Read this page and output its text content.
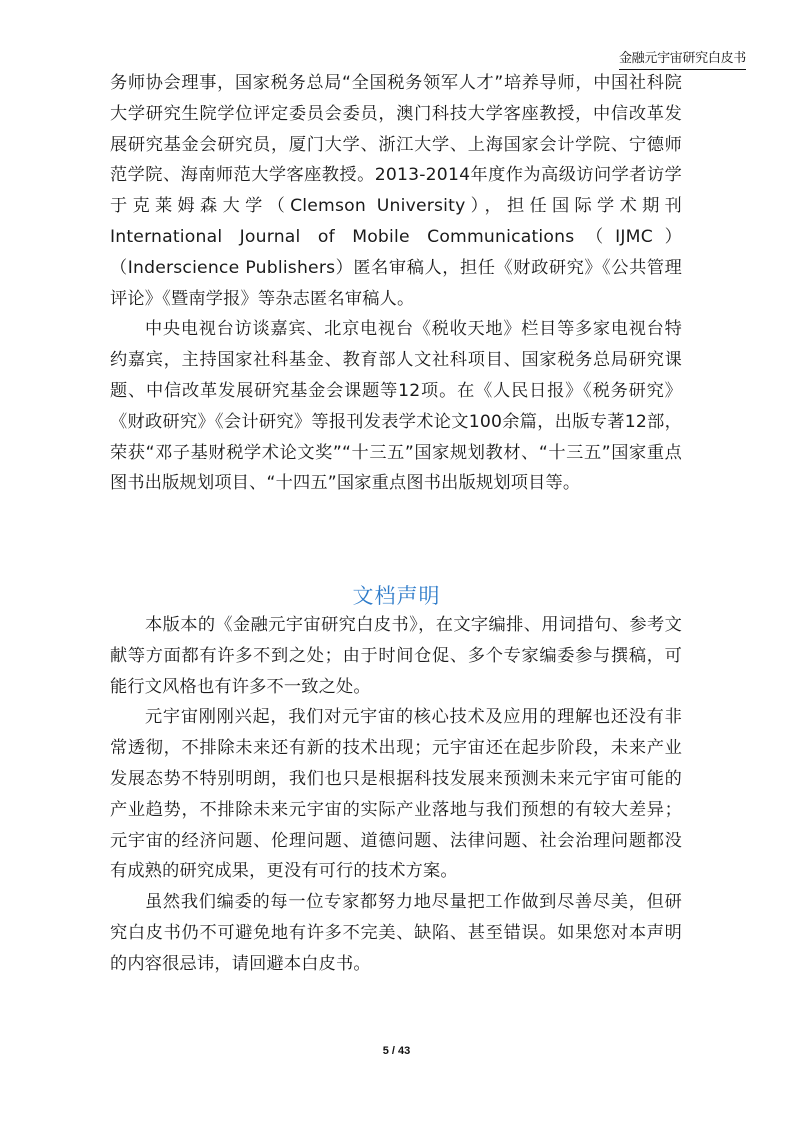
金融元宇宙研究白皮书

务师协会理事，国家税务总局“全国税务领军人才”培养导师，中国社科院大学研究生院学位评定委员会委员，澳门科技大学客座教授，中信改革发展研究基金会研究员，厦门大学、浙江大学、上海国家会计学院、宁德师范学院、海南师范大学客座教授。2013-2014年度作为高级访问学者访学于克莱姆森大学（Clemson University），担任国际学术期刊International Journal of Mobile Communications（IJMC）（Inderscience Publishers）匿名审稿人，担任《财政研究》《公共管理评论》《暨南学报》等杂志匿名审稿人。

中央电视台访谈嘉宾、北京电视台《税收天地》栏目等多家电视台特约嘉宾，主持国家社科基金、教育部人文社科项目、国家税务总局研究课题、中信改革发展研究基金会课题等12项。在《人民日报》《税务研究》《财政研究》《会计研究》等报刊发表学术论文100余篇，出版专著12部，荣获“邓子基财税学术论文奖”“十三五”国家规划教材、“十三五”国家重点图书出版规划项目、“十四五”国家重点图书出版规划项目等。

文档声明

本版本的《金融元宇宙研究白皮书》，在文字编排、用词措句、参考文献等方面都有许多不到之处；由于时间仓促、多个专家编委参与撰稿，可能行文风格也有许多不一致之处。

元宇宙刚刚兴起，我们对元宇宙的核心技术及应用的理解也还没有非常透彻，不排除未来还有新的技术出现；元宇宙还在起步阶段，未来产业发展态势不特别明朗，我们也只是根据科技发展来预测未来元宇宙可能的产业趋势，不排除未来元宇宙的实际产业落地与我们预想的有较大差异；元宇宙的经济问题、伦理问题、道德问题、法律问题、社会治理问题都没有成熟的研究成果，更没有可行的技术方案。

虽然我们编委的每一位专家都努力地尽量把工作做到尽善尽美，但研究白皮书仍不可避免地有许多不完美、缺陷、甚至错误。如果您对本声明的内容很忌讳，请回避本白皮书。

5 / 43
